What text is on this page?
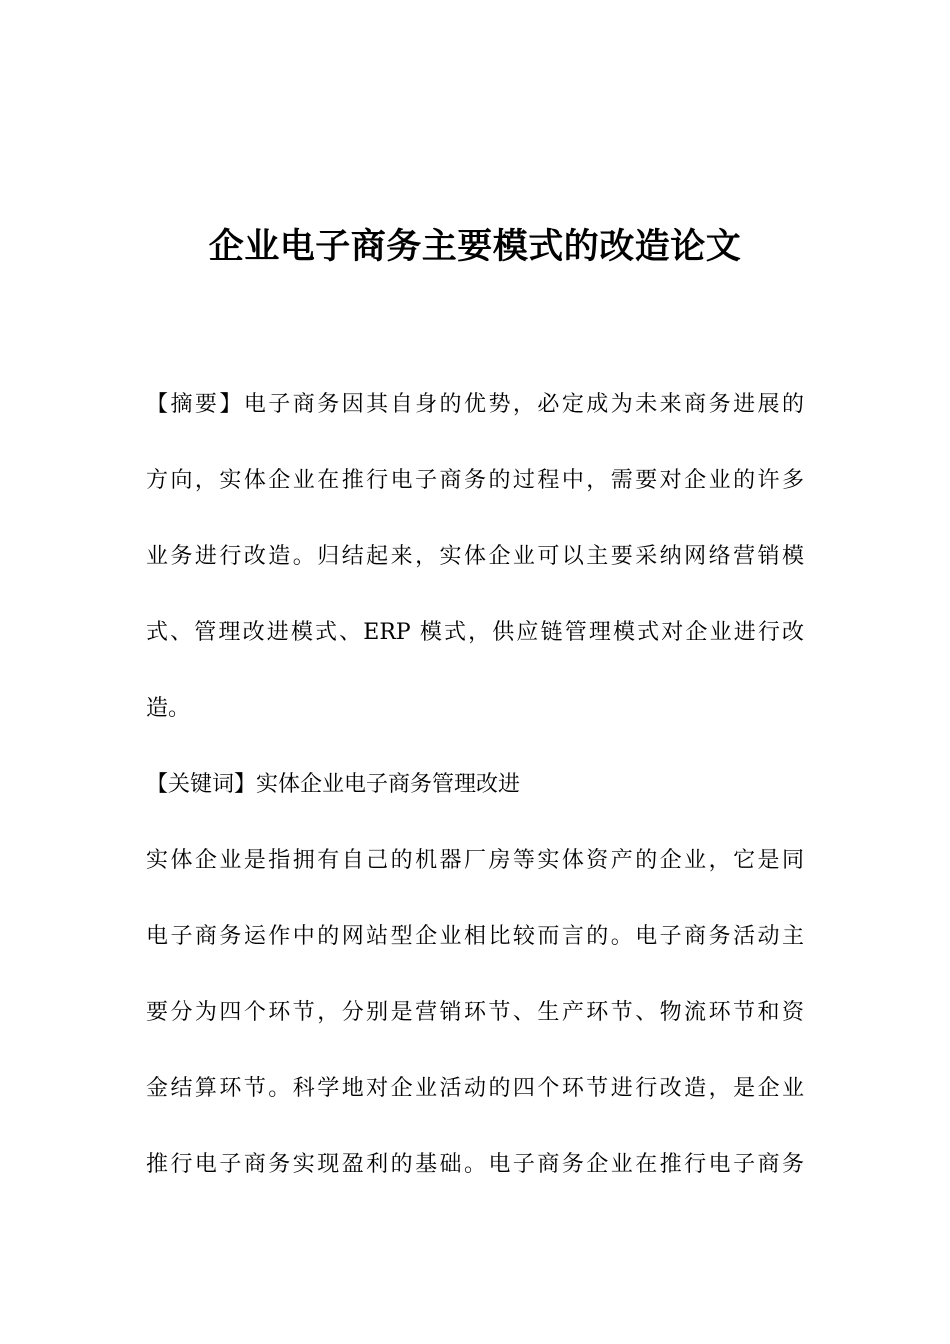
企业电子商务主要模式的改造论文
【摘要】电子商务因其自身的优势，必定成为未来商务进展的
方向，实体企业在推行电子商务的过程中，需要对企业的许多
业务进行改造。归结起来，实体企业可以主要采纳网络营销模
式、管理改进模式、ERP 模式，供应链管理模式对企业进行改
造。
【关键词】实体企业电子商务管理改进
实体企业是指拥有自己的机器厂房等实体资产的企业，它是同
电子商务运作中的网站型企业相比较而言的。电子商务活动主
要分为四个环节，分别是营销环节、生产环节、物流环节和资
金结算环节。科学地对企业活动的四个环节进行改造，是企业
推行电子商务实现盈利的基础。电子商务企业在推行电子商务
